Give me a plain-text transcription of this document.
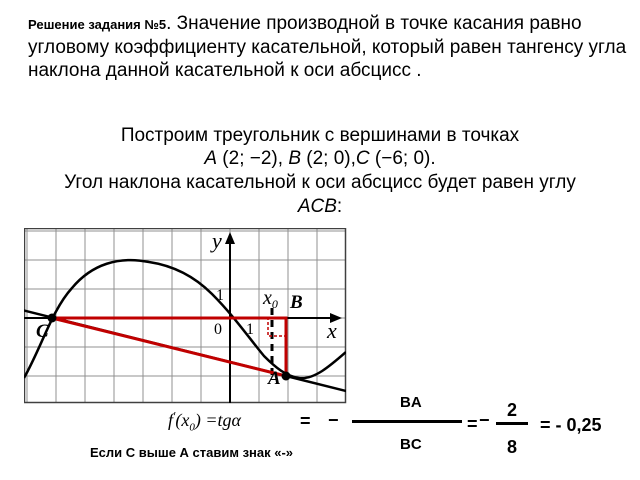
Решение задания №5. Значение производной в точке касания равно угловому коэффициенту касательной, который равен тангенсу угла наклона данной касательной к оси абсцисс .
Построим треугольник с вершинами в точках
A (2; −2), B (2; 0),C (−6; 0).
Угол наклона касательной к оси абсцисс будет равен углу
ACB:
y
x
1
1
0
$x_0$ B
C
A
$f'(x_0) =tg\alpha$	= −
BA
BC
= − 2
8
= - 0,25
Если С выше А ставим знак «-»
